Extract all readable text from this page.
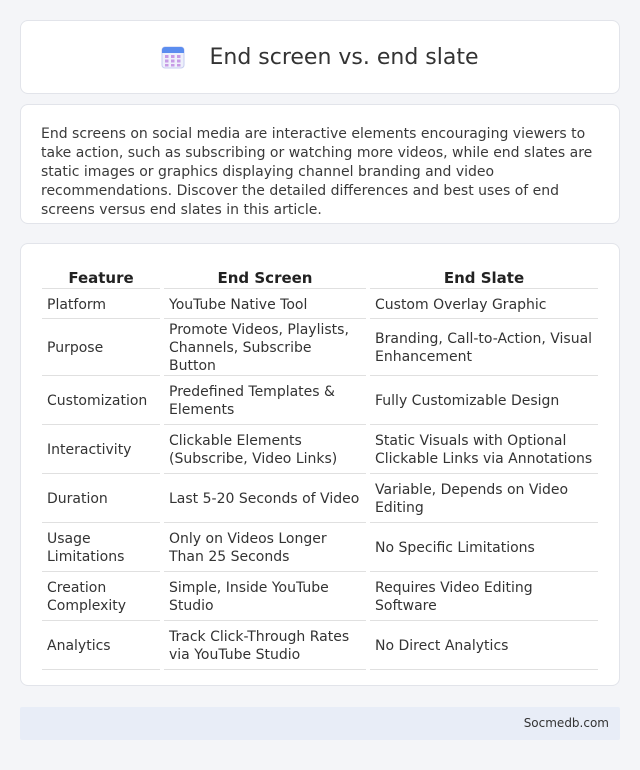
End screen vs. end slate

End screens on social media are interactive elements encouraging viewers to take action, such as subscribing or watching more videos, while end slates are static images or graphics displaying channel branding and video recommendations. Discover the detailed differences and best uses of end screens versus end slates in this article.

Feature	End Screen	End Slate
Platform	YouTube Native Tool	Custom Overlay Graphic
Purpose	Promote Videos, Playlists, Channels, Subscribe Button	Branding, Call-to-Action, Visual Enhancement
Customization	Predefined Templates & Elements	Fully Customizable Design
Interactivity	Clickable Elements (Subscribe, Video Links)	Static Visuals with Optional Clickable Links via Annotations
Duration	Last 5-20 Seconds of Video	Variable, Depends on Video Editing
Usage Limitations	Only on Videos Longer Than 25 Seconds	No Specific Limitations
Creation Complexity	Simple, Inside YouTube Studio	Requires Video Editing Software
Analytics	Track Click-Through Rates via YouTube Studio	No Direct Analytics
Socmedb.com
